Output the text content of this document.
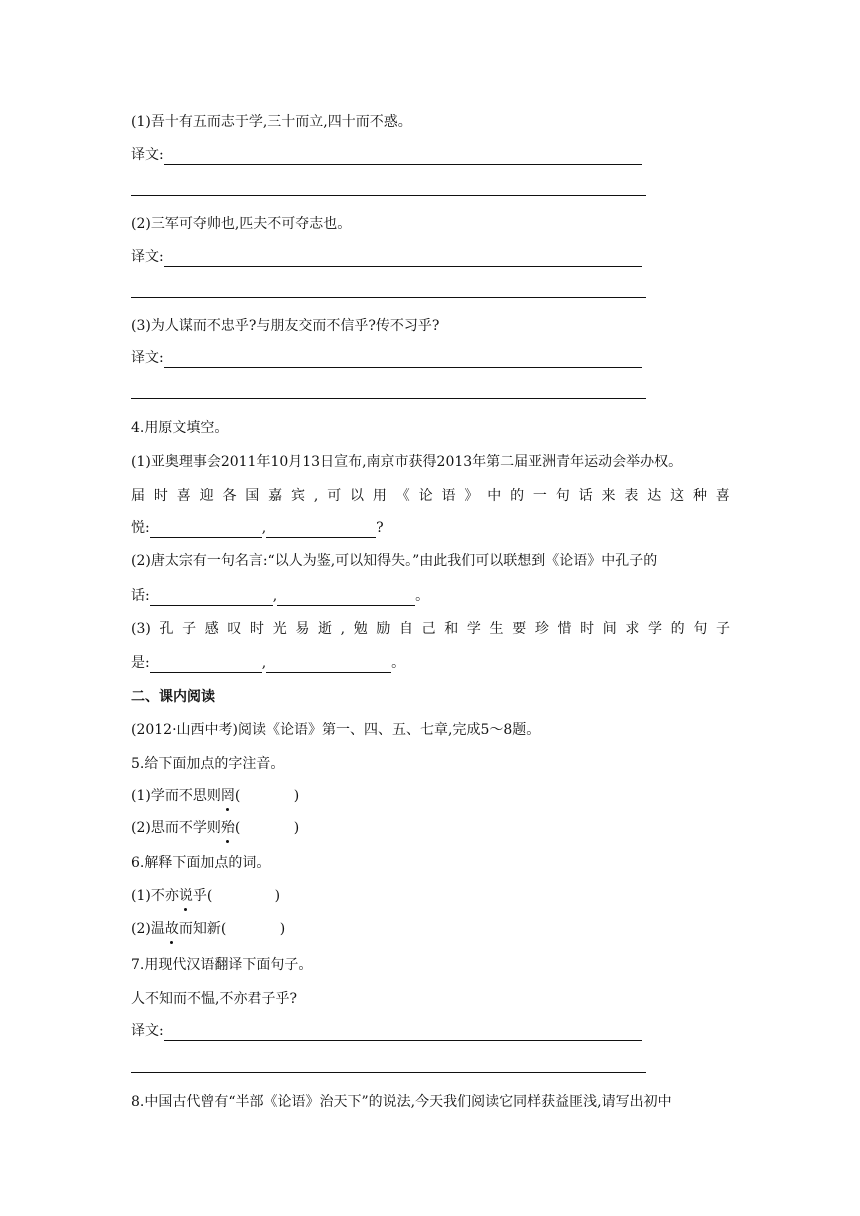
(1)吾十有五而志于学,三十而立,四十而不惑。
译文:
(2)三军可夺帅也,匹夫不可夺志也。
译文:
(3)为人谋而不忠乎?与朋友交而不信乎?传不习乎?
译文:
4.用原文填空。
(1)亚奥理事会2011年10月13日宣布,南京市获得2013年第二届亚洲青年运动会举办权。
届 时 喜 迎 各 国 嘉 宾 , 可 以 用 《 论 语 》 中 的 一 句 话 来 表 达 这 种 喜
悦:	,	?
(2)唐太宗有一句名言:“以人为鉴,可以知得失。”由此我们可以联想到《论语》中孔子的
话:	,	。
(3) 孔 子 感 叹 时 光 易 逝 , 勉 励 自 己 和 学 生 要 珍 惜 时 间 求 学 的 句 子
是:	,	。
二、课内阅读
(2012·山西中考)阅读《论语》第一、四、五、七章,完成5～8题。
5.给下面加点的字注音。
(1)学而不思则罔(            )
(2)思而不学则殆(            )
6.解释下面加点的词。
(1)不亦说乎(              )
(2)温故而知新(            )
7.用现代汉语翻译下面句子。
人不知而不愠,不亦君子乎?
译文:
8.中国古代曾有“半部《论语》治天下”的说法,今天我们阅读它同样获益匪浅,请写出初中
